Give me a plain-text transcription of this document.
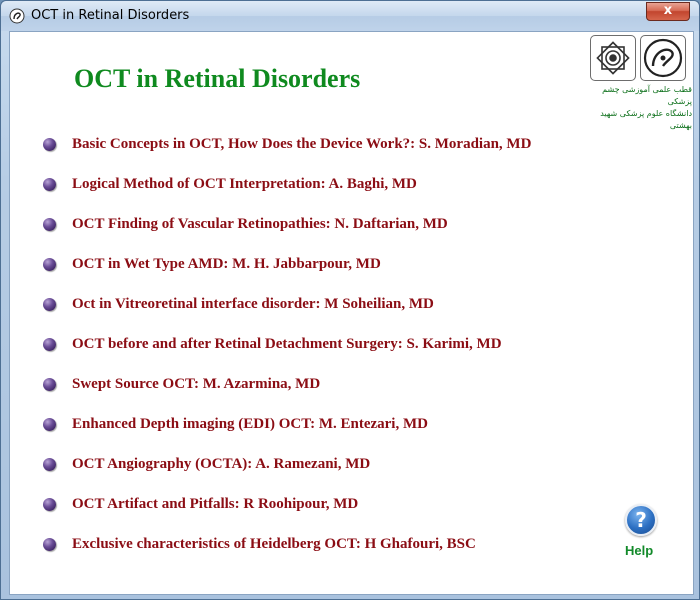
OCT in Retinal Disorders	x
OCT in Retinal Disorders	قطب علمی آموزشی چشم پزشکی
دانشگاه علوم پزشکی شهید بهشتی
Basic Concepts in OCT, How Does the Device Work?: S. Moradian, MD
Logical Method of OCT Interpretation: A. Baghi, MD
OCT Finding of Vascular Retinopathies: N. Daftarian, MD
OCT in Wet Type AMD: M. H. Jabbarpour, MD
Oct in Vitreoretinal interface disorder: M Soheilian, MD
OCT before and after Retinal Detachment Surgery: S. Karimi, MD
Swept Source OCT: M. Azarmina, MD
Enhanced Depth imaging (EDI) OCT: M. Entezari, MD
OCT Angiography (OCTA): A. Ramezani, MD
OCT Artifact and Pitfalls: R Roohipour, MD
Exclusive characteristics of Heidelberg OCT: H Ghafouri, BSC
?
Help
